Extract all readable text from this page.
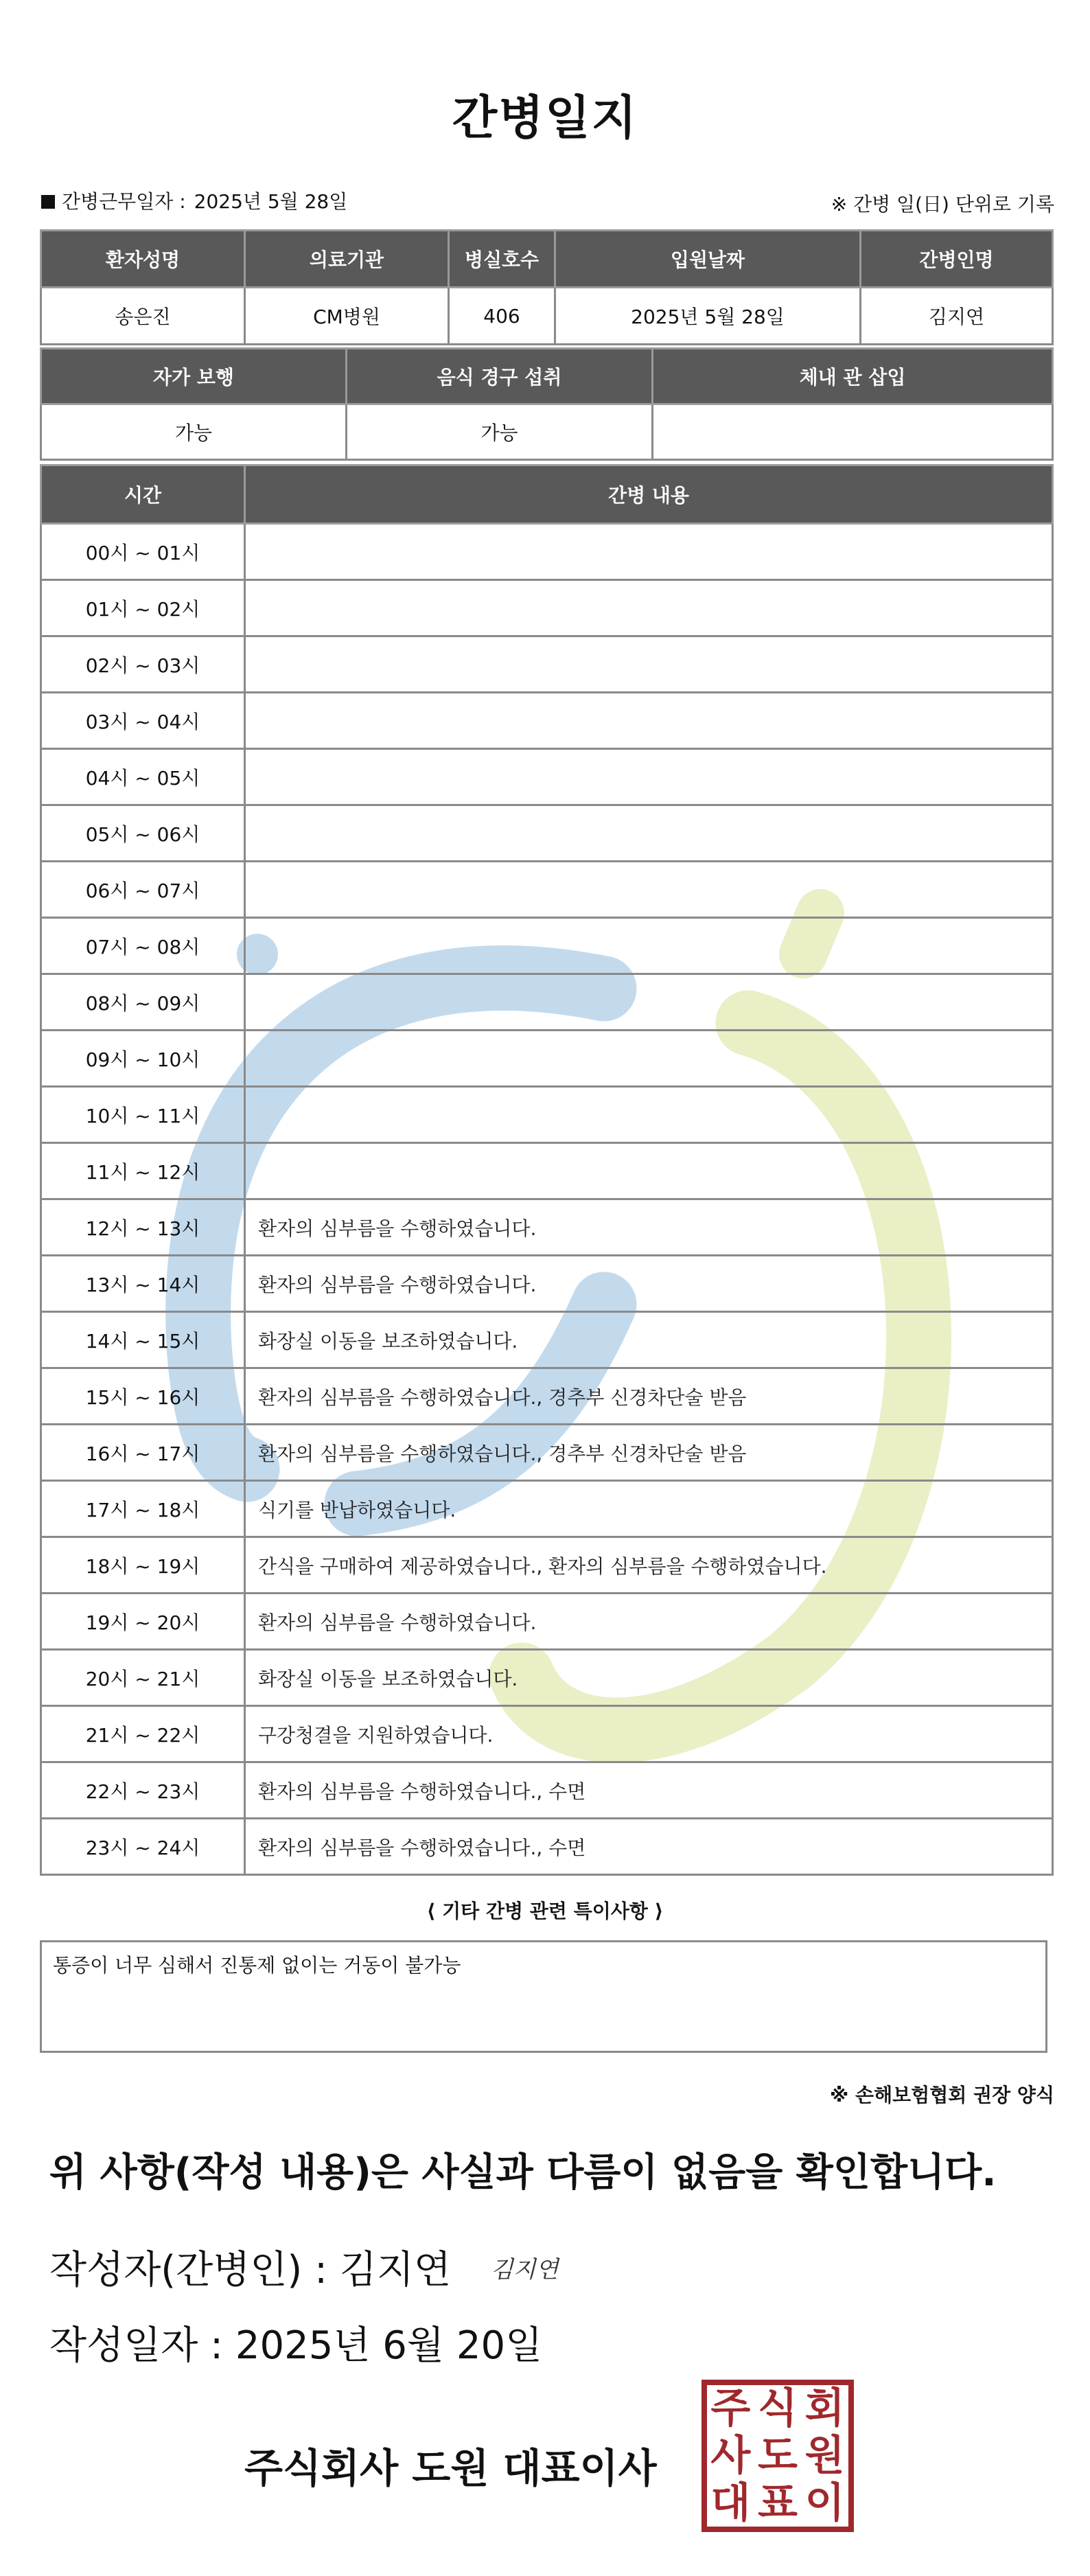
간병일지
간병근무일자 : 2025년 5월 28일	※ 간병 일(日) 단위로 기록
환자성명	의료기관	병실호수	입원날짜	간병인명
송은진	CM병원	406	2025년 5월 28일	김지연
자가 보행	음식 경구 섭취	체내 관 삽입
가능	가능	
시간	간병 내용
00시 ~ 01시	
01시 ~ 02시	
02시 ~ 03시	
03시 ~ 04시	
04시 ~ 05시	
05시 ~ 06시	
06시 ~ 07시	
07시 ~ 08시	
08시 ~ 09시	
09시 ~ 10시	
10시 ~ 11시	
11시 ~ 12시	
12시 ~ 13시	환자의 심부름을 수행하였습니다.
13시 ~ 14시	환자의 심부름을 수행하였습니다.
14시 ~ 15시	화장실 이동을 보조하였습니다.
15시 ~ 16시	환자의 심부름을 수행하였습니다., 경추부 신경차단술 받음
16시 ~ 17시	환자의 심부름을 수행하였습니다., 경추부 신경차단술 받음
17시 ~ 18시	식기를 반납하였습니다.
18시 ~ 19시	간식을 구매하여 제공하였습니다., 환자의 심부름을 수행하였습니다.
19시 ~ 20시	환자의 심부름을 수행하였습니다.
20시 ~ 21시	화장실 이동을 보조하였습니다.
21시 ~ 22시	구강청결을 지원하였습니다.
22시 ~ 23시	환자의 심부름을 수행하였습니다., 수면
23시 ~ 24시	환자의 심부름을 수행하였습니다., 수면
⟨ 기타 간병 관련 특이사항 ⟩
통증이 너무 심해서 진통제 없이는 거동이 불가능
※ 손해보험협회 권장 양식
위 사항(작성 내용)은 사실과 다름이 없음을 확인합니다.
작성자(간병인) : 김지연 김지연
작성일자 : 2025년 6월 20일
주식회사 도원 대표이사
주 식 회
사 도 원
대 표 이
